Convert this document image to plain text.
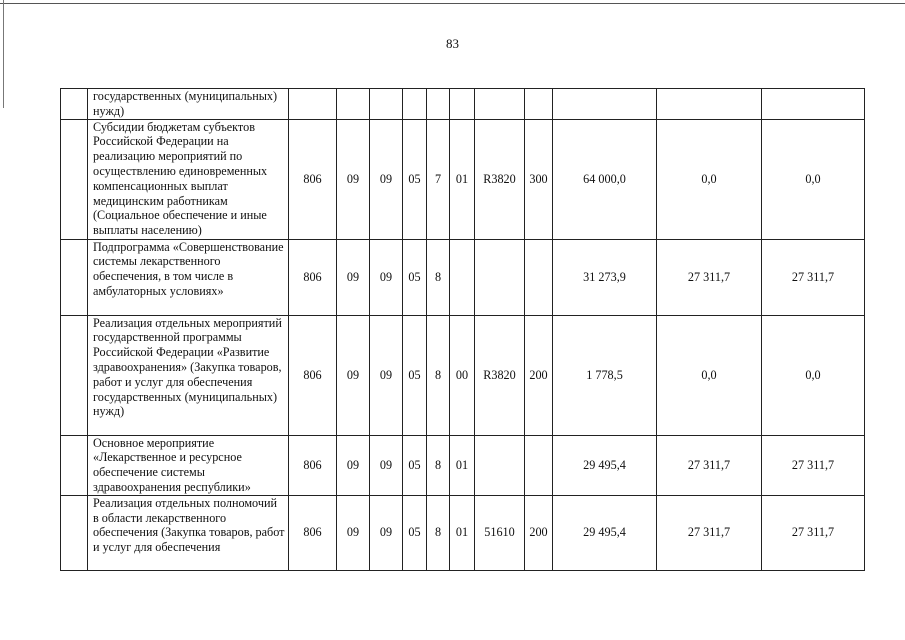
83
	государственных (муниципальных) нужд)											
	Субсидии бюджетам субъектов Российской Федерации на реализацию мероприятий по осуществлению единовременных компенсационных выплат медицинским работникам (Социальное обеспечение и иные выплаты населению)	806	09	09	05	7	01	R3820	300	64 000,0	0,0	0,0
	Подпрограмма «Совершенствование системы лекарственного обеспечения, в том числе в амбулаторных условиях»	806	09	09	05	8				31 273,9	27 311,7	27 311,7
	Реализация отдельных мероприятий государственной программы Российской Федерации «Развитие здравоохранения» (Закупка товаров, работ и услуг для обеспечения государственных (муниципальных) нужд)	806	09	09	05	8	00	R3820	200	1 778,5	0,0	0,0
	Основное мероприятие «Лекарственное и ресурсное обеспечение системы здравоохранения республики»	806	09	09	05	8	01			29 495,4	27 311,7	27 311,7
	Реализация отдельных полномочий в области лекарственного обеспечения (Закупка товаров, работ и услуг для обеспечения	806	09	09	05	8	01	51610	200	29 495,4	27 311,7	27 311,7
